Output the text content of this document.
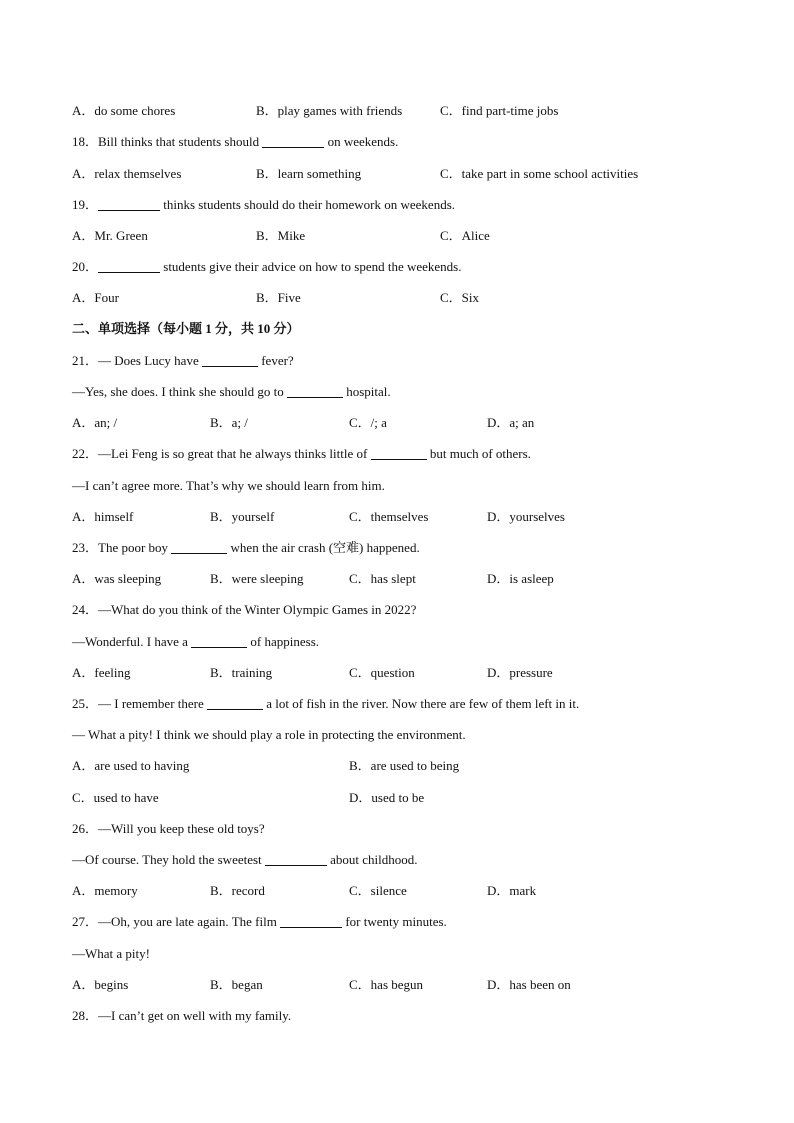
A．do some chores	B．play games with friends	C．find part-time jobs
18．Bill thinks that students should	on weekends.
A．relax themselves	B．learn something	C．take part in some school activities
19．	thinks students should do their homework on weekends.
A．Mr. Green	B．Mike	C．Alice
20．	students give their advice on how to spend the weekends.
A．Four	B．Five	C．Six
二、单项选择（每小题 1 分，共 10 分）
21．— Does Lucy have	fever?
—Yes, she does. I think she should go to	hospital.
A．an; /	B．a; /	C．/; a	D．a; an
22．—Lei Feng is so great that he always thinks little of	but much of others.
—I can’t agree more. That’s why we should learn from him.
A．himself	B．yourself	C．themselves	D．yourselves
23．The poor boy	when the air crash (空难) happened.
A．was sleeping	B．were sleeping	C．has slept	D．is asleep
24．—What do you think of the Winter Olympic Games in 2022?
—Wonderful. I have a	of happiness.
A．feeling	B．training	C．question	D．pressure
25．— I remember there	a lot of fish in the river. Now there are few of them left in it.
— What a pity! I think we should play a role in protecting the environment.
A．are used to having	B．are used to being
C．used to have	D．used to be
26．—Will you keep these old toys?
—Of course. They hold the sweetest	about childhood.
A．memory	B．record	C．silence	D．mark
27．—Oh, you are late again. The film	for twenty minutes.
—What a pity!
A．begins	B．began	C．has begun	D．has been on
28．—I can’t get on well with my family.
